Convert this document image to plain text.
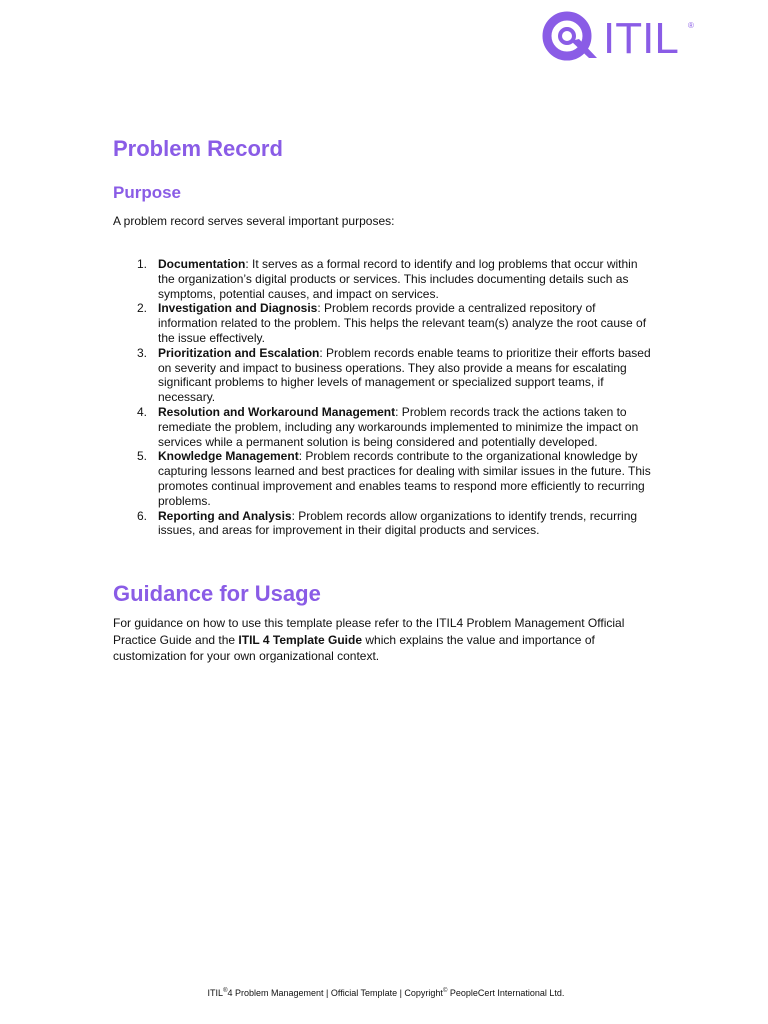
ITIL ®
Problem Record
Purpose

A problem record serves several important purposes:

1. Documentation: It serves as a formal record to identify and log problems that occur within the organization’s digital products or services. This includes documenting details such as symptoms, potential causes, and impact on services.
2. Investigation and Diagnosis: Problem records provide a centralized repository of information related to the problem. This helps the relevant team(s) analyze the root cause of the issue effectively.
3. Prioritization and Escalation: Problem records enable teams to prioritize their efforts based on severity and impact to business operations. They also provide a means for escalating significant problems to higher levels of management or specialized support teams, if necessary.
4. Resolution and Workaround Management: Problem records track the actions taken to remediate the problem, including any workarounds implemented to minimize the impact on services while a permanent solution is being considered and potentially developed.
5. Knowledge Management: Problem records contribute to the organizational knowledge by capturing lessons learned and best practices for dealing with similar issues in the future. This promotes continual improvement and enables teams to respond more efficiently to recurring problems.
6. Reporting and Analysis: Problem records allow organizations to identify trends, recurring issues, and areas for improvement in their digital products and services.
Guidance for Usage

For guidance on how to use this template please refer to the ITIL4 Problem Management Official Practice Guide and the ITIL 4 Template Guide which explains the value and importance of customization for your own organizational context.

ITIL®4 Problem Management | Official Template | Copyright© PeopleCert International Ltd.
